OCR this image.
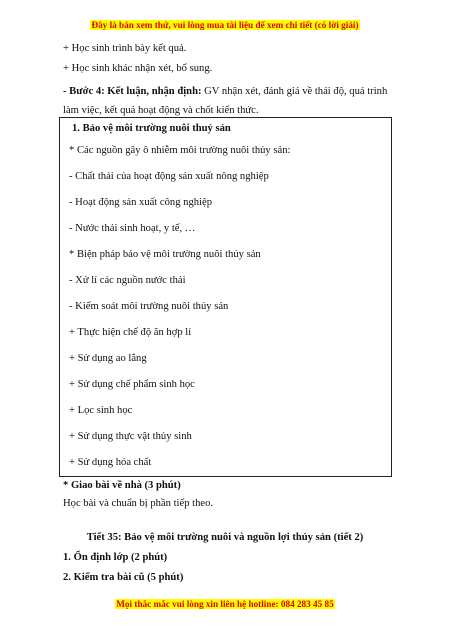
Đây là bản xem thử, vui lòng mua tài liệu để xem chi tiết (có lời giải)
+ Học sinh trình bày kết quả.
+ Học sinh khác nhận xét, bổ sung.
- Bước 4: Kết luận, nhận định: GV nhận xét, đánh giá về thái độ, quá trình làm việc, kết quả hoạt động và chốt kiến thức.
1. Bảo vệ môi trường nuôi thuỷ sản
* Các nguồn gây ô nhiễm môi trường nuôi thủy sản:
- Chất thải của hoạt động sản xuất nông nghiệp
- Hoạt động sản xuất công nghiệp
- Nước thải sinh hoạt, y tế, …
* Biện pháp bảo vệ môi trường nuôi thủy sản
- Xử lí các nguồn nước thải
- Kiểm soát môi trường nuôi thủy sản
+ Thực hiện chế độ ăn hợp lí
+ Sử dụng ao lắng
+ Sử dụng chế phẩm sinh học
+ Lọc sinh học
+ Sử dụng thực vật thủy sinh
+ Sử dụng hóa chất
* Giao bài về nhà (3 phút)
Học bài và chuẩn bị phần tiếp theo.
Tiết 35: Bảo vệ môi trường nuôi và nguồn lợi thủy sản (tiết 2)
1. Ổn định lớp (2 phút)
2. Kiểm tra bài cũ (5 phút)
Mọi thắc mắc vui lòng xin liên hệ hotline: 084 283 45 85
